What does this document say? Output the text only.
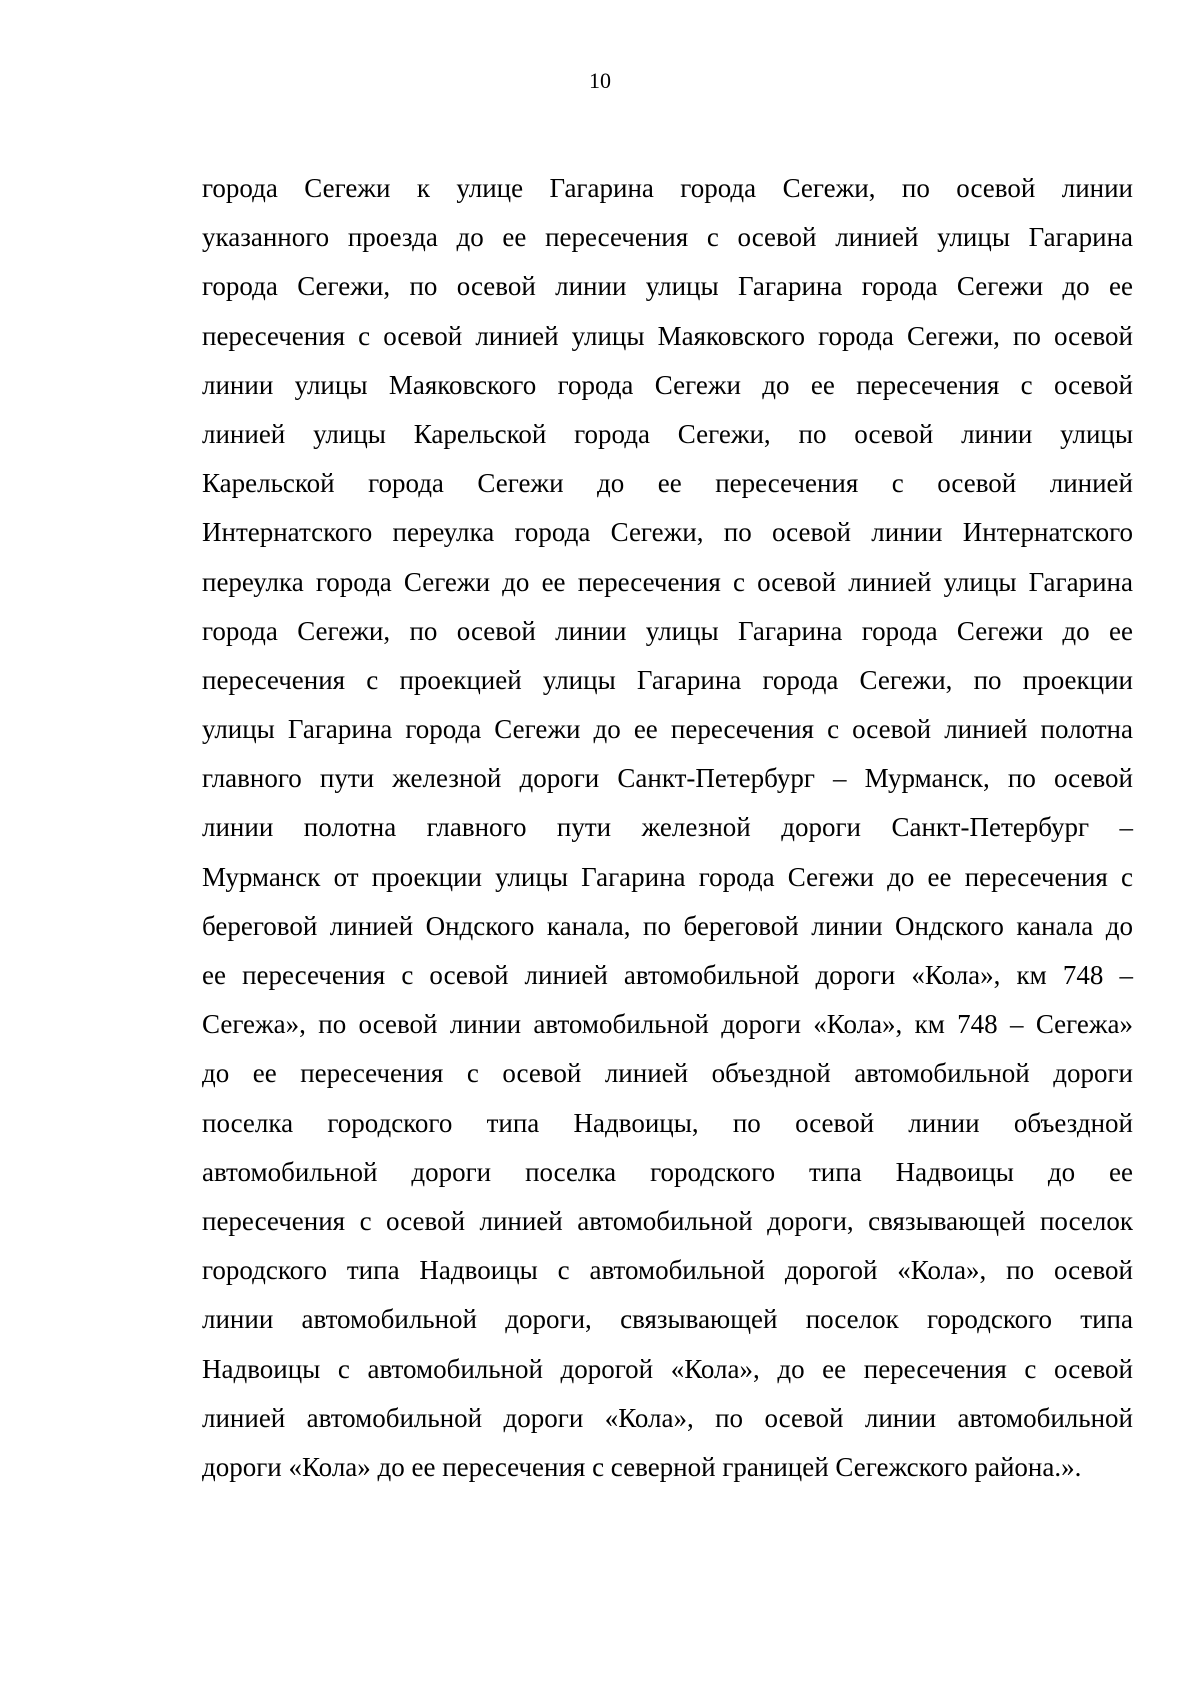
10
города Сегежи к улице Гагарина города Сегежи, по осевой линии
указанного проезда до ее пересечения с осевой линией улицы Гагарина
города Сегежи, по осевой линии улицы Гагарина города Сегежи до ее
пересечения с осевой линией улицы Маяковского города Сегежи, по осевой
линии улицы Маяковского города Сегежи до ее пересечения с осевой
линией улицы Карельской города Сегежи, по осевой линии улицы
Карельской города Сегежи до ее пересечения с осевой линией
Интернатского переулка города Сегежи, по осевой линии Интернатского
переулка города Сегежи до ее пересечения с осевой линией улицы Гагарина
города Сегежи, по осевой линии улицы Гагарина города Сегежи до ее
пересечения с проекцией улицы Гагарина города Сегежи, по проекции
улицы Гагарина города Сегежи до ее пересечения с осевой линией полотна
главного пути железной дороги Санкт-Петербург – Мурманск, по осевой
линии полотна главного пути железной дороги Санкт-Петербург –
Мурманск от проекции улицы Гагарина города Сегежи до ее пересечения с
береговой линией Ондского канала, по береговой линии Ондского канала до
ее пересечения с осевой линией автомобильной дороги «Кола», км 748 –
Сегежа», по осевой линии автомобильной дороги «Кола», км 748 – Сегежа»
до ее пересечения с осевой линией объездной автомобильной дороги
поселка городского типа Надвоицы, по осевой линии объездной
автомобильной дороги поселка городского типа Надвоицы до ее
пересечения с осевой линией автомобильной дороги, связывающей поселок
городского типа Надвоицы с автомобильной дорогой «Кола», по осевой
линии автомобильной дороги, связывающей поселок городского типа
Надвоицы с автомобильной дорогой «Кола», до ее пересечения с осевой
линией автомобильной дороги «Кола», по осевой линии автомобильной
дороги «Кола» до ее пересечения с северной границей Сегежского района.».
